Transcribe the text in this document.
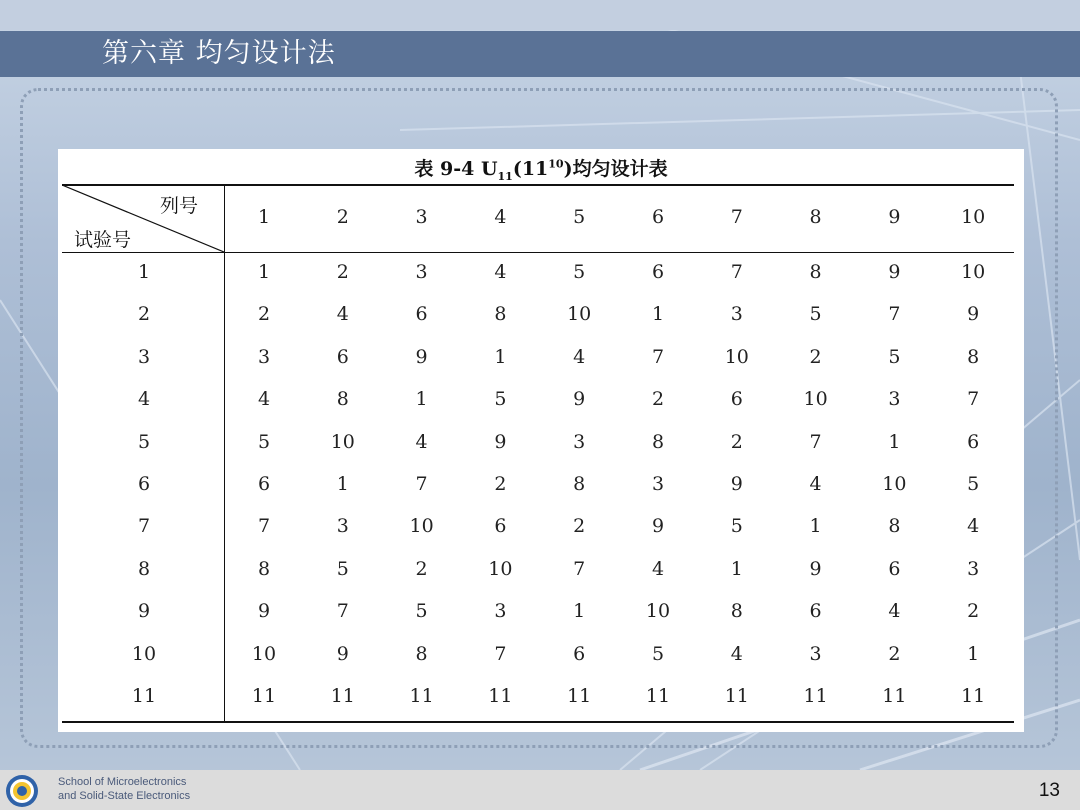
第六章 均匀设计法
表 9-4 $U_{11}(11^{10})$均匀设计表
列号
试验号
1	2	3	4	5	6	7	8	9	10
1	1	2	3	4	5	6	7	8	9	10
2	2	4	6	8	10	1	3	5	7	9
3	3	6	9	1	4	7	10	2	5	8
4	4	8	1	5	9	2	6	10	3	7
5	5	10	4	9	3	8	2	7	1	6
6	6	1	7	2	8	3	9	4	10	5
7	7	3	10	6	2	9	5	1	8	4
8	8	5	2	10	7	4	1	9	6	3
9	9	7	5	3	1	10	8	6	4	2
10	10	9	8	7	6	5	4	3	2	1
11	11	11	11	11	11	11	11	11	11	11
School of Microelectronics
and Solid-State Electronics	13
